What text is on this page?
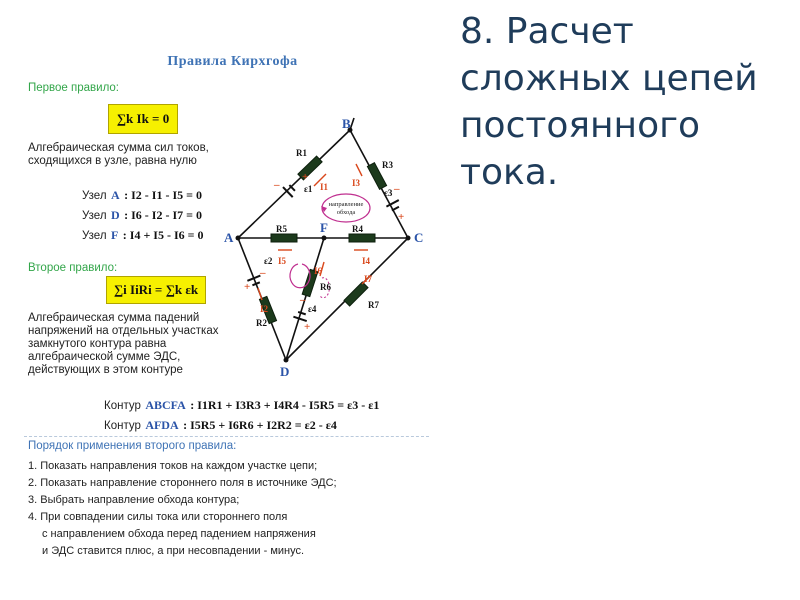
8. Расчет
сложных цепей
постоянного
тока.
Правила Кирхгофа
Первое правило:
∑k Ik = 0
Алгебраическая сумма сил токов,
сходящихся в узле, равна нулю
Узел A : I2 - I1 - I5 = 0
Узел D : I6 - I2 - I7 = 0
Узел F : I4 + I5 - I6 = 0
Второе правило:
∑i IiRi = ∑k εk
Алгебраическая сумма падений
напряжений на отдельных участках
замкнутого контура равна
алгебраической сумме ЭДС,
действующих в этом контуре
Контур ABCFA : I1R1 + I3R3 + I4R4 - I5R5 = ε3 - ε1
Контур AFDA : I5R5 + I6R6 + I2R2 = ε2 - ε4
Порядок применения второго правила:
1. Показать направления токов на каждом участке цепи;
2. Показать направление стороннего поля в источнике ЭДС;
3. Выбрать направление обхода контура;
4. При совпадении силы тока или стороннего поля
с направлением обхода перед падением напряжения
и ЭДС ставится плюс, а при несовпадении - минус.
–
+
–
+
–
+
–
+
направление
обхода
A
B
C
D
F
R1
R2
R3
R4
R5
R6
R7
I1
I2
I3
I4
I5
I6
I7
ε1
ε2
ε3
ε4
